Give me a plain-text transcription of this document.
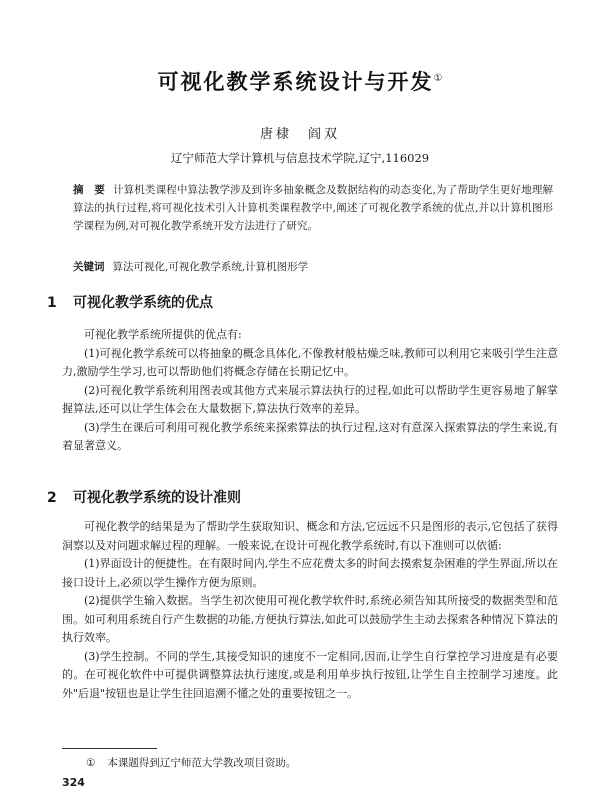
可视化教学系统设计与开发①
唐棣　阎双
辽宁师范大学计算机与信息技术学院,辽宁,116029
摘　要 计算机类课程中算法教学涉及到许多抽象概念及数据结构的动态变化,为了帮助学生更好地理解算法的执行过程,将可视化技术引入计算机类课程教学中,阐述了可视化教学系统的优点,并以计算机图形学课程为例,对可视化教学系统开发方法进行了研究。
关键词 算法可视化,可视化教学系统,计算机图形学
1 可视化教学系统的优点

可视化教学系统所提供的优点有:

(1)可视化教学系统可以将抽象的概念具体化,不像教材般枯燥乏味,教师可以利用它来吸引学生注意力,激励学生学习,也可以帮助他们将概念存储在长期记忆中。

(2)可视化教学系统利用图表或其他方式来展示算法执行的过程,如此可以帮助学生更容易地了解掌握算法,还可以让学生体会在大量数据下,算法执行效率的差异。

(3)学生在课后可利用可视化教学系统来探索算法的执行过程,这对有意深入探索算法的学生来说,有着显著意义。

2 可视化教学系统的设计准则

可视化教学的结果是为了帮助学生获取知识、概念和方法,它远远不只是图形的表示,它包括了获得洞察以及对问题求解过程的理解。一般来说,在设计可视化教学系统时,有以下准则可以依循:

(1)界面设计的便捷性。在有限时间内,学生不应花费太多的时间去摸索复杂困难的学生界面,所以在接口设计上,必须以学生操作方便为原则。

(2)提供学生输入数据。当学生初次使用可视化教学软件时,系统必须告知其所接受的数据类型和范围。如可利用系统自行产生数据的功能,方便执行算法,如此可以鼓励学生主动去探索各种情况下算法的执行效率。

(3)学生控制。不同的学生,其接受知识的速度不一定相同,因而,让学生自行掌控学习进度是有必要的。在可视化软件中可提供调整算法执行速度,或是利用单步执行按钮,让学生自主控制学习速度。此外"后退"按钮也是让学生往回追溯不懂之处的重要按钮之一。

① 本课题得到辽宁师范大学教改项目资助。
324
